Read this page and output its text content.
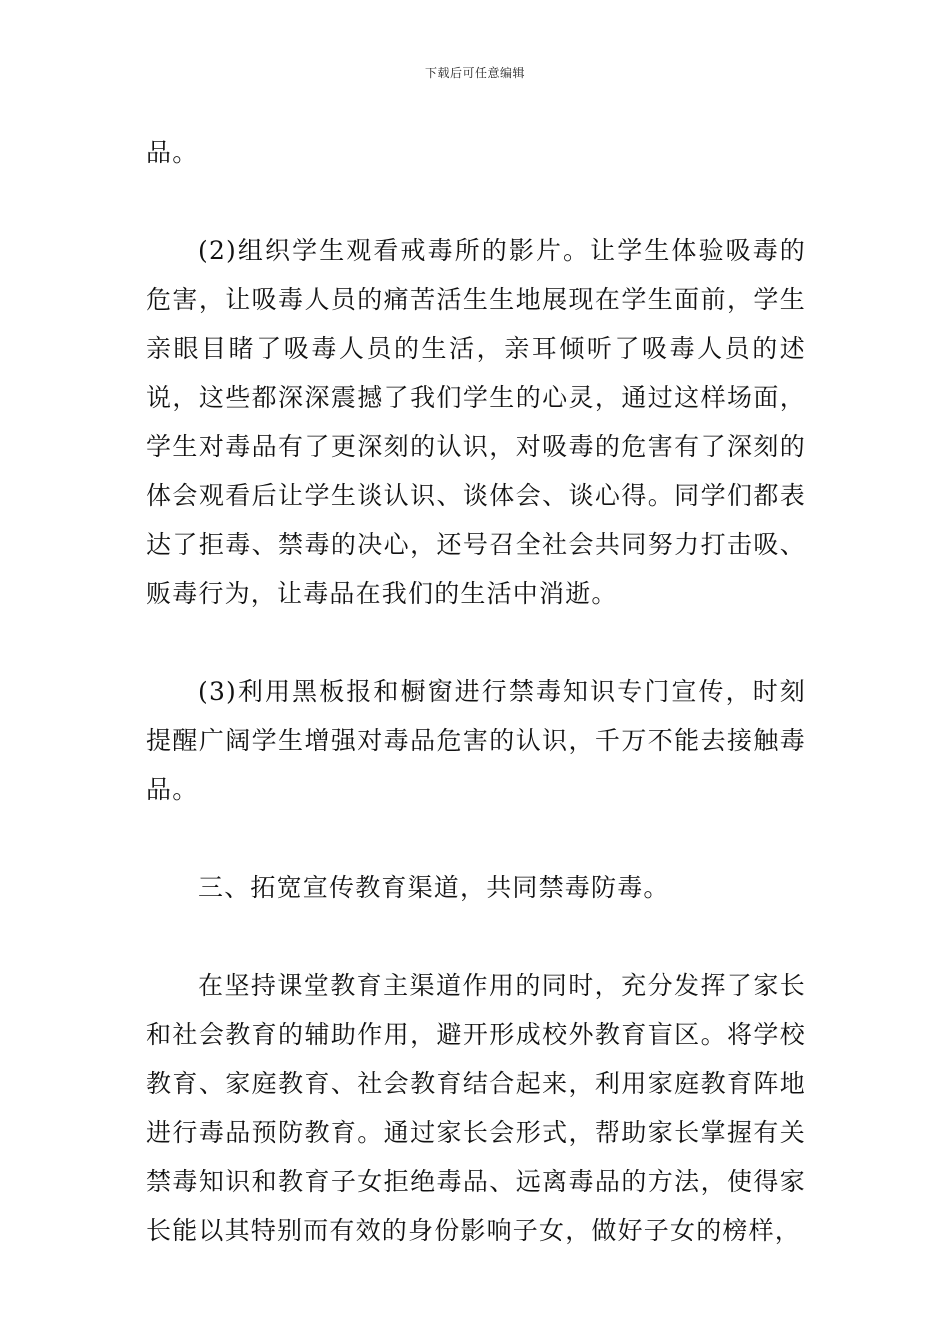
下载后可任意编辑

品。

(2)组织学生观看戒毒所的影片。让学生体验吸毒的危害，让吸毒人员的痛苦活生生地展现在学生面前，学生亲眼目睹了吸毒人员的生活，亲耳倾听了吸毒人员的述说，这些都深深震撼了我们学生的心灵，通过这样场面，学生对毒品有了更深刻的认识，对吸毒的危害有了深刻的体会观看后让学生谈认识、谈体会、谈心得。同学们都表达了拒毒、禁毒的决心，还号召全社会共同努力打击吸、贩毒行为，让毒品在我们的生活中消逝。

(3)利用黑板报和橱窗进行禁毒知识专门宣传，时刻提醒广阔学生增强对毒品危害的认识，千万不能去接触毒品。

三、拓宽宣传教育渠道，共同禁毒防毒。

在坚持课堂教育主渠道作用的同时，充分发挥了家长和社会教育的辅助作用，避开形成校外教育盲区。将学校教育、家庭教育、社会教育结合起来，利用家庭教育阵地进行毒品预防教育。通过家长会形式，帮助家长掌握有关禁毒知识和教育子女拒绝毒品、远离毒品的方法，使得家长能以其特别而有效的身份影响子女，做好子女的榜样，
